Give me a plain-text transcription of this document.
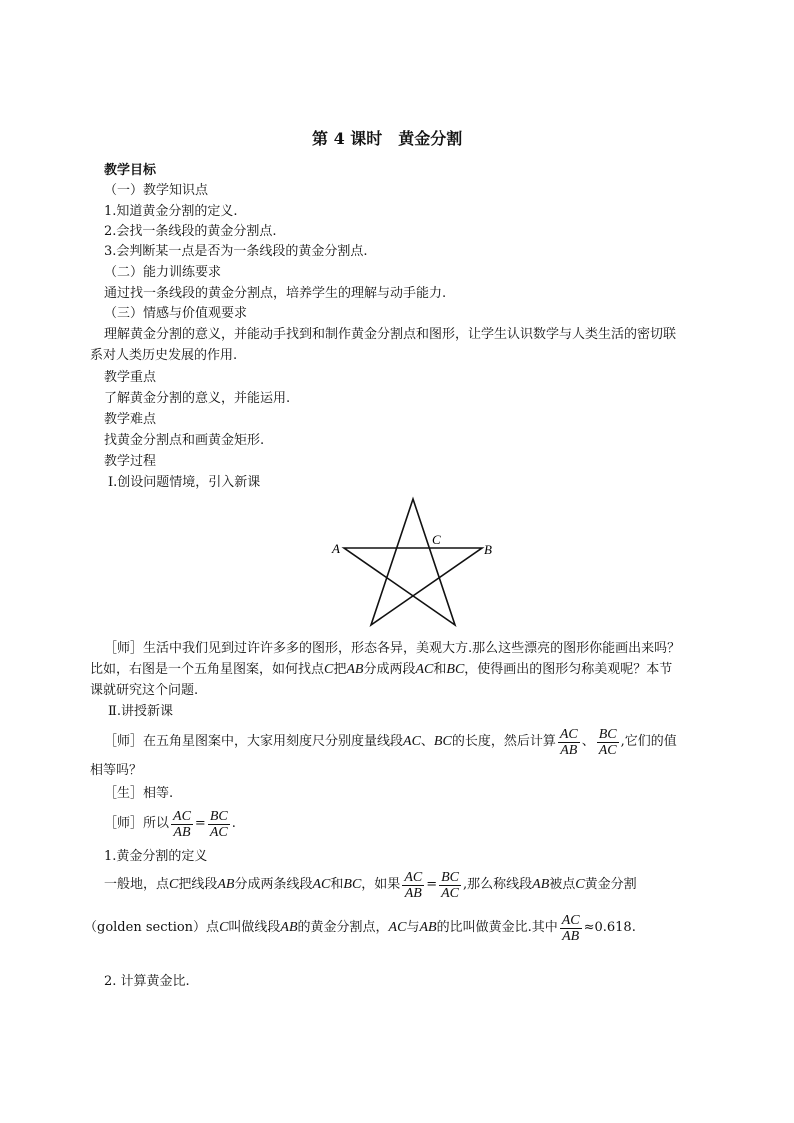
第 4 课时　黄金分割
教学目标
（一）教学知识点
1.知道黄金分割的定义.
2.会找一条线段的黄金分割点.
3.会判断某一点是否为一条线段的黄金分割点.
（二）能力训练要求
通过找一条线段的黄金分割点，培养学生的理解与动手能力.
（三）情感与价值观要求
理解黄金分割的意义，并能动手找到和制作黄金分割点和图形，让学生认识数学与人类生活的密切联
系对人类历史发展的作用.
教学重点
了解黄金分割的意义，并能运用.
教学难点
找黄金分割点和画黄金矩形.
教学过程
Ⅰ.创设问题情境，引入新课
A
C
B
［师］生活中我们见到过许许多多的图形，形态各异，美观大方.那么这些漂亮的图形你能画出来吗？
比如，右图是一个五角星图案，如何找点C把AB分成两段AC和BC，使得画出的图形匀称美观呢？本节
课就研究这个问题.
Ⅱ.讲授新课
［师］在五角星图案中，大家用刻度尺分别度量线段 AC 、 BC 的长度，然后计算 $\frac{AC}{AB}$ 、 $\frac{BC}{AC}$ ,它们的值
相等吗？
［生］相等.
［师］所以 $\frac{AC}{AB} = \frac{BC}{AC}$ .
1.黄金分割的定义
一般地，点 C 把线段 AB 分成两条线段 AC 和 BC ，如果 $\frac{AC}{AB} = \frac{BC}{AC}$ ,那么称线段 AB 被点 C 黄金分割
（golden section）点 C 叫做线段 AB 的黄金分割点， AC 与 AB 的比叫做黄金比.其中 $\frac{AC}{AB} \approx 0.618$.
2. 计算黄金比.
